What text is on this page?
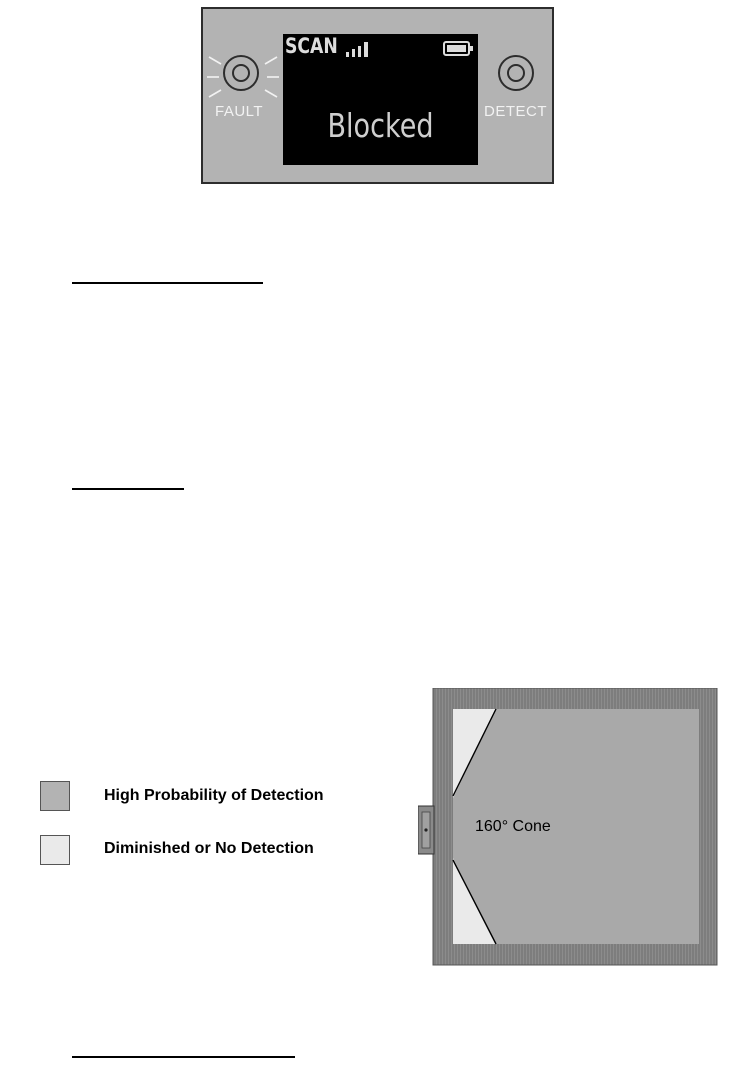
FAULT
SCAN
Blocked	DETECT
High Probability of Detection
Diminished or No Detection
160° Cone
